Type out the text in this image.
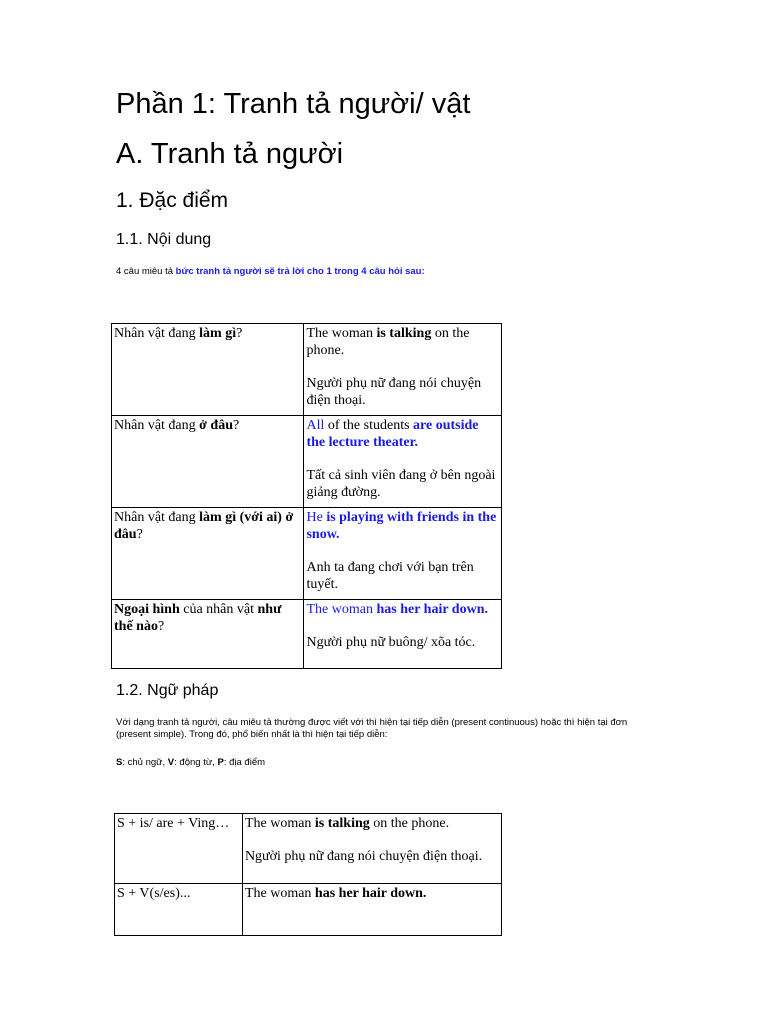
Phần 1: Tranh tả người/ vật
A. Tranh tả người
1. Đặc điểm
1.1. Nội dung
4 câu miêu tả bức tranh tả người sẽ trả lời cho 1 trong 4 câu hỏi sau:
Nhân vật đang làm gì?	The woman is talking on the phone.

Người phụ nữ đang nói chuyện điện thoại.

Nhân vật đang ở đâu?	All of the students are outside the lecture theater.

Tất cả sinh viên đang ở bên ngoài giảng đường.

Nhân vật đang làm gì (với ai) ở đâu?	He is playing with friends in the snow.

Anh ta đang chơi với bạn trên tuyết.

Ngoại hình của nhân vật như thế nào?	The woman has her hair down.

Người phụ nữ buông/ xõa tóc.

1.2. Ngữ pháp
Với dạng tranh tả người, câu miêu tả thường được viết với thì hiện tại tiếp diễn (present continuous) hoặc thì hiện tại đơn (present simple). Trong đó, phổ biến nhất là thì hiện tại tiếp diễn:
S: chủ ngữ, V: động từ, P: địa điểm
S + is/ are + Ving…	The woman is talking on the phone.

Người phụ nữ đang nói chuyện điện thoại.

S + V(s/es)...	The woman has her hair down.
